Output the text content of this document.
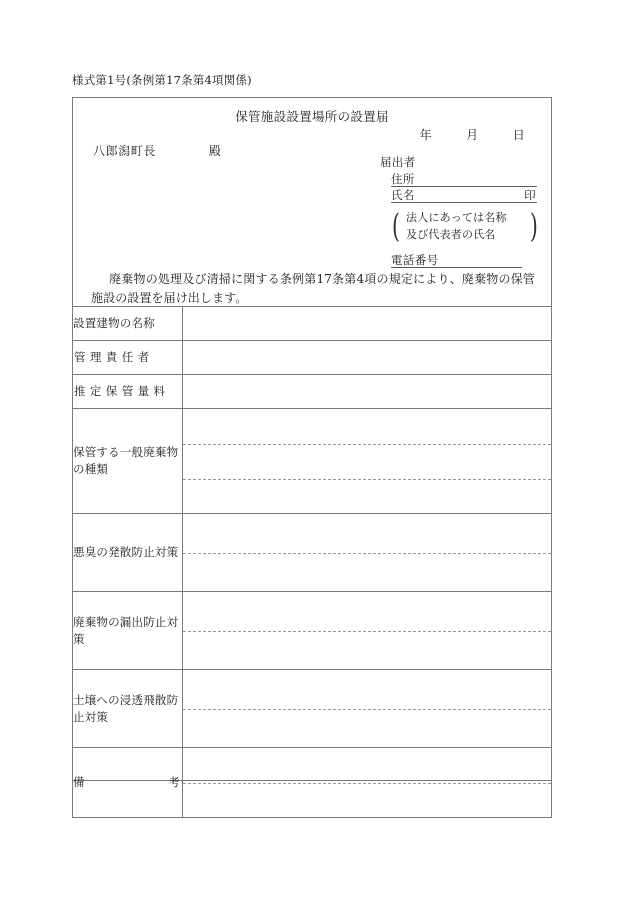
様式第1号(条例第17条第4項関係)
保管施設設置場所の設置届
年	月	日
八郎潟町長	殿
届出者
住所
氏名	印
(	)
法人にあっては名称
及び代表者の氏名
電話番号
廃棄物の処理及び清掃に関する条例第17条第4項の規定により、廃棄物の保管施設の設置を届け出します。
設置建物の名称	
管理責任者	
推定保管量料	
保管する一般廃棄物の種類	

悪臭の発散防止対策	

廃棄物の漏出防止対策	

土壌への浸透飛散防止対策	

備 考	
